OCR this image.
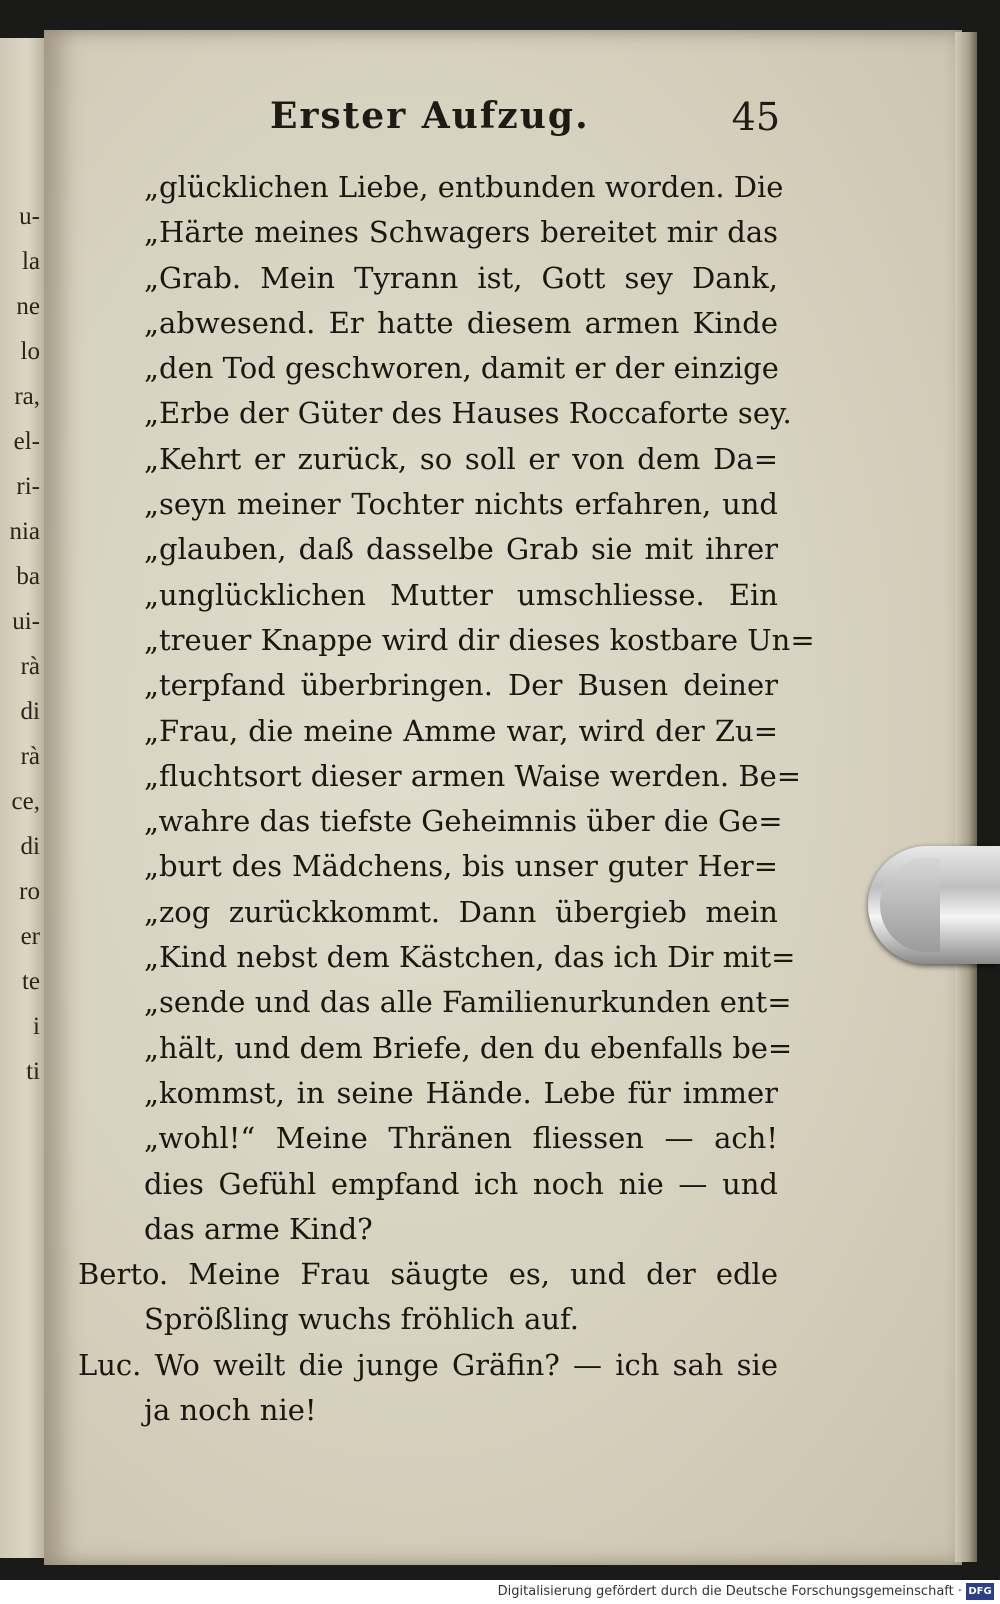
u-
la
ne
lo
ra,
el-
ri-
nia
ba
ui-
rà
di
rà
ce,
di
ro
er
te
i
ti
Erster Aufzug.	45
„glücklichen Liebe, entbunden worden. Die
„Härte meines Schwagers bereitet mir das
„Grab. Mein Tyrann ist, Gott sey Dank,
„abwesend. Er hatte diesem armen Kinde
„den Tod geschworen, damit er der einzige
„Erbe der Güter des Hauses Roccaforte sey.
„Kehrt er zurück, so soll er von dem Da=
„seyn meiner Tochter nichts erfahren, und
„glauben, daß dasselbe Grab sie mit ihrer
„unglücklichen Mutter umschliesse. Ein
„treuer Knappe wird dir dieses kostbare Un=
„terpfand überbringen. Der Busen deiner
„Frau, die meine Amme war, wird der Zu=
„fluchtsort dieser armen Waise werden. Be=
„wahre das tiefste Geheimnis über die Ge=
„burt des Mädchens, bis unser guter Her=
„zog zurückkommt. Dann übergieb mein
„Kind nebst dem Kästchen, das ich Dir mit=
„sende und das alle Familienurkunden ent=
„hält, und dem Briefe, den du ebenfalls be=
„kommst, in seine Hände. Lebe für immer
„wohl!“ Meine Thränen fliessen — ach!
dies Gefühl empfand ich noch nie — und
das arme Kind?
Berto. Meine Frau säugte es, und der edle
Sprößling wuchs fröhlich auf.
Luc. Wo weilt die junge Gräfin? — ich sah sie
ja noch nie!
Digitalisierung gefördert durch die Deutsche Forschungsgemeinschaft · DFG
